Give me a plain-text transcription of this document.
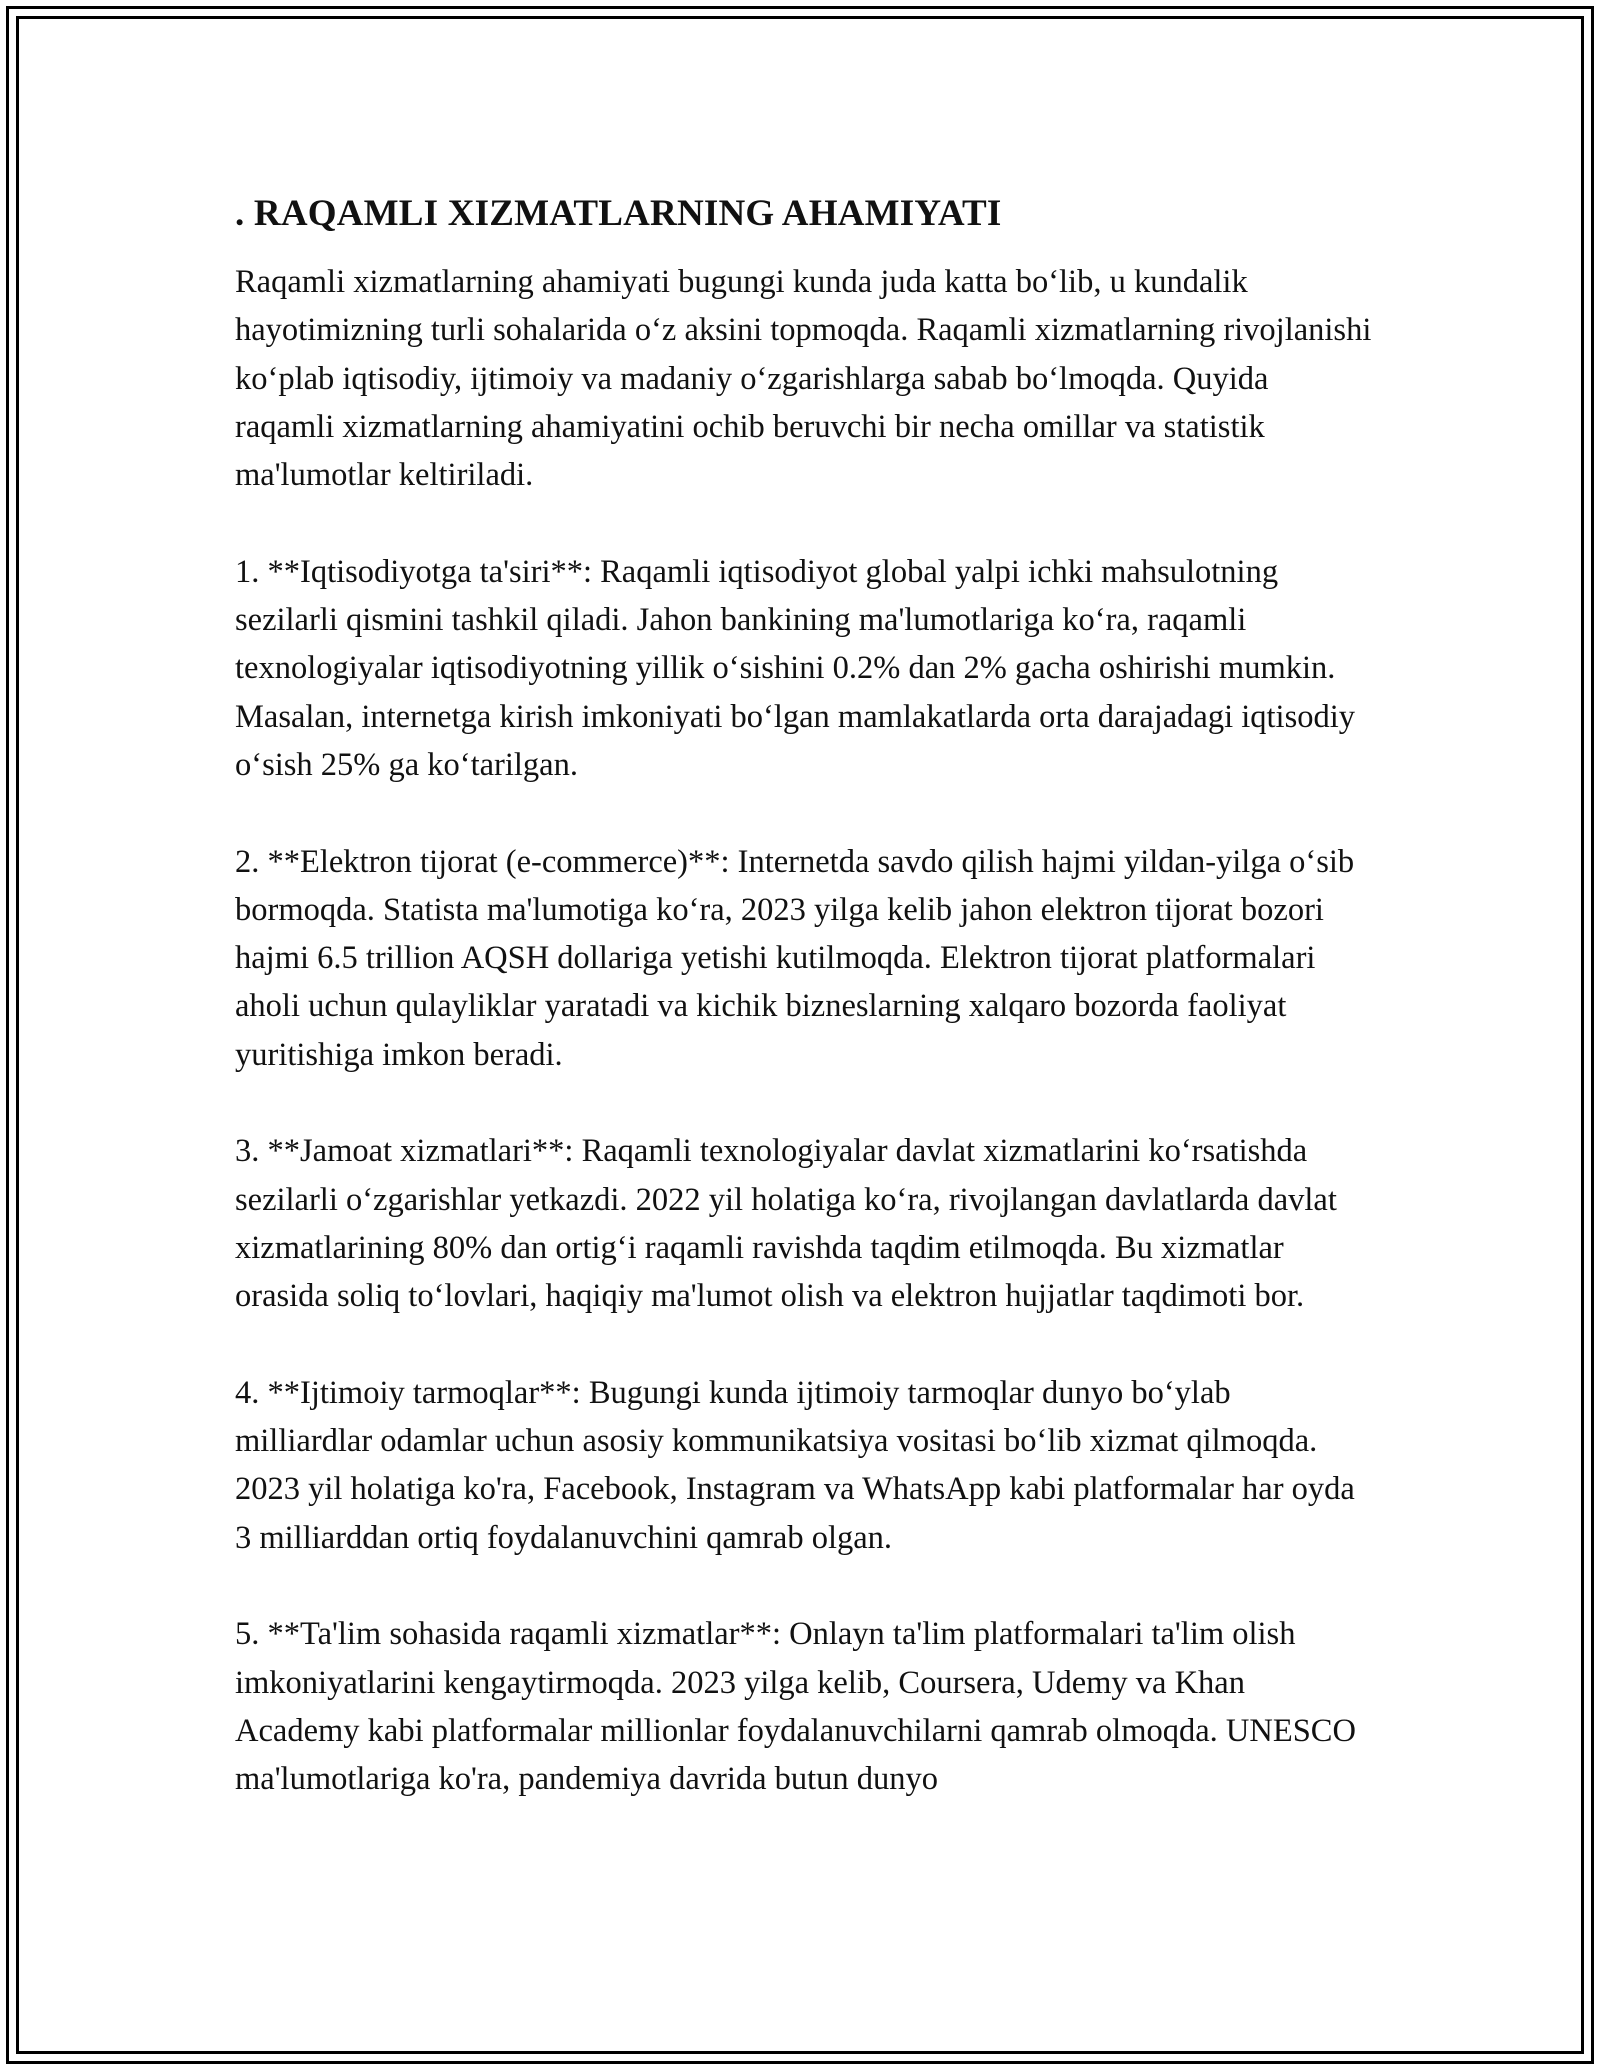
. RAQAMLI XIZMATLARNING AHAMIYATI

Raqamli xizmatlarning ahamiyati bugungi kunda juda katta bo‘lib, u kundalik hayotimizning turli sohalarida o‘z aksini topmoqda. Raqamli xizmatlarning rivojlanishi ko‘plab iqtisodiy, ijtimoiy va madaniy o‘zgarishlarga sabab bo‘lmoqda. Quyida raqamli xizmatlarning ahamiyatini ochib beruvchi bir necha omillar va statistik ma'lumotlar keltiriladi.

1. **Iqtisodiyotga ta'siri**: Raqamli iqtisodiyot global yalpi ichki mahsulotning sezilarli qismini tashkil qiladi. Jahon bankining ma'lumotlariga ko‘ra, raqamli texnologiyalar iqtisodiyotning yillik o‘sishini 0.2% dan 2% gacha oshirishi mumkin. Masalan, internetga kirish imkoniyati bo‘lgan mamlakatlarda orta darajadagi iqtisodiy o‘sish 25% ga ko‘tarilgan.

2. **Elektron tijorat (e-commerce)**: Internetda savdo qilish hajmi yildan-yilga o‘sib bormoqda. Statista ma'lumotiga ko‘ra, 2023 yilga kelib jahon elektron tijorat bozori hajmi 6.5 trillion AQSH dollariga yetishi kutilmoqda. Elektron tijorat platformalari aholi uchun qulayliklar yaratadi va kichik biznеslarning xalqaro bozorda faoliyat yuritishiga imkon beradi.

3. **Jamoat xizmatlari**: Raqamli texnologiyalar davlat xizmatlarini ko‘rsatishda sezilarli o‘zgarishlar yetkazdi. 2022 yil holatiga ko‘ra, rivojlangan davlatlarda davlat xizmatlarining 80% dan ortig‘i raqamli ravishda taqdim etilmoqda. Bu xizmatlar orasida soliq to‘lovlari, haqiqiy ma'lumot olish va elektron hujjatlar taqdimoti bor.

4. **Ijtimoiy tarmoqlar**: Bugungi kunda ijtimoiy tarmoqlar dunyo bo‘ylab milliardlar odamlar uchun asosiy kommunikatsiya vositasi bo‘lib xizmat qilmoqda. 2023 yil holatiga ko'ra, Facebook, Instagram va WhatsApp kabi platformalar har oyda 3 milliarddan ortiq foydalanuvchini qamrab olgan.

5. **Ta'lim sohasida raqamli xizmatlar**: Onlayn ta'lim platformalari ta'lim olish imkoniyatlarini kengaytirmoqda. 2023 yilga kelib, Coursera, Udemy va Khan Academy kabi platformalar millionlar foydalanuvchilarni qamrab olmoqda. UNESCO ma'lumotlariga ko'ra, pandemiya davrida butun dunyo
